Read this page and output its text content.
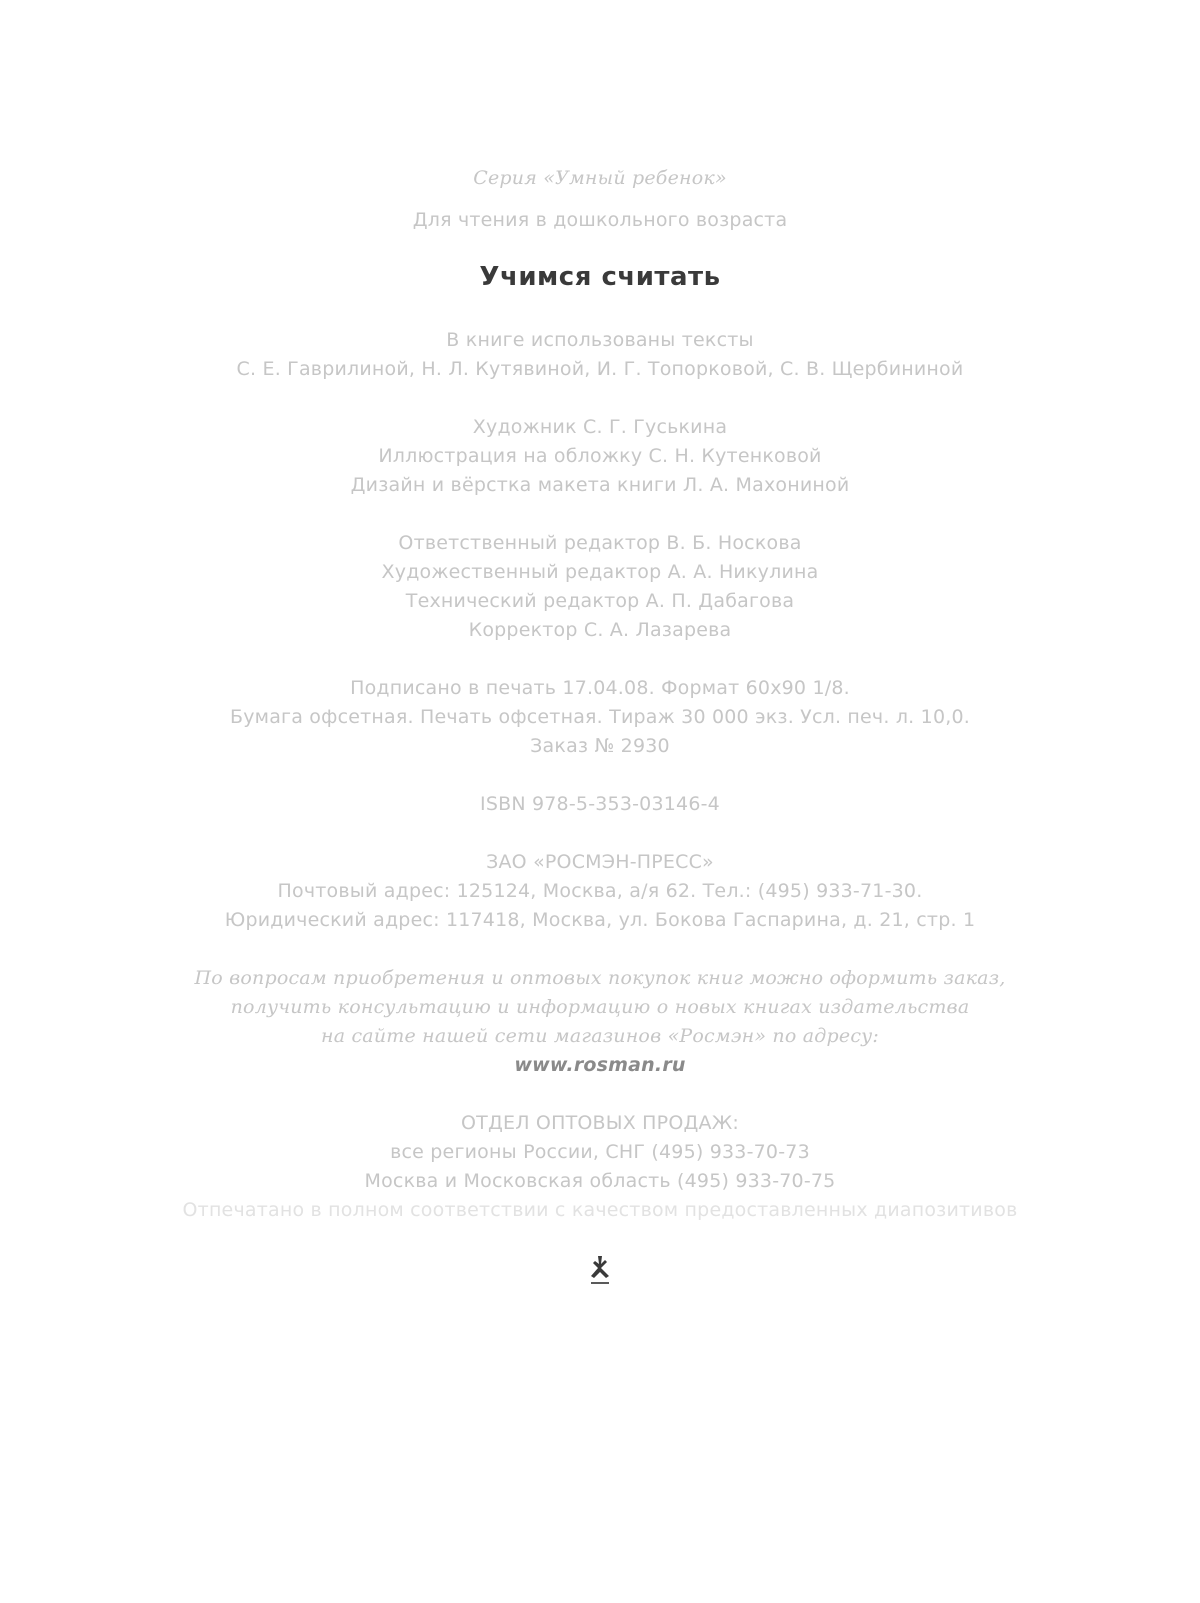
Серия «Умный ребенок»
Для чтения в дошкольного возраста
Учимся считать
В книге использованы тексты
С. Е. Гаврилиной, Н. Л. Кутявиной, И. Г. Топорковой, С. В. Щербининой
Художник С. Г. Гуськина
Иллюстрация на обложку С. Н. Кутенковой
Дизайн и вёрстка макета книги Л. А. Махониной
Ответственный редактор В. Б. Носкова
Художественный редактор А. А. Никулина
Технический редактор А. П. Дабагова
Корректор С. А. Лазарева
Подписано в печать 17.04.08. Формат 60х90 1/8.
Бумага офсетная. Печать офсетная. Тираж 30 000 экз. Усл. печ. л. 10,0.
Заказ № 2930
ISBN 978-5-353-03146-4
ЗАО «РОСМЭН-ПРЕСС»
Почтовый адрес: 125124, Москва, а/я 62. Тел.: (495) 933-71-30.
Юридический адрес: 117418, Москва, ул. Бокова Гаспарина, д. 21, стр. 1
По вопросам приобретения и оптовых покупок книг можно оформить заказ,
получить консультацию и информацию о новых книгах издательства
на сайте нашей сети магазинов «Росмэн» по адресу:
www.rosman.ru
ОТДЕЛ ОПТОВЫХ ПРОДАЖ:
все регионы России, СНГ (495) 933-70-73
Москва и Московская область (495) 933-70-75
Отпечатано в полном соответствии с качеством предоставленных диапозитивов
